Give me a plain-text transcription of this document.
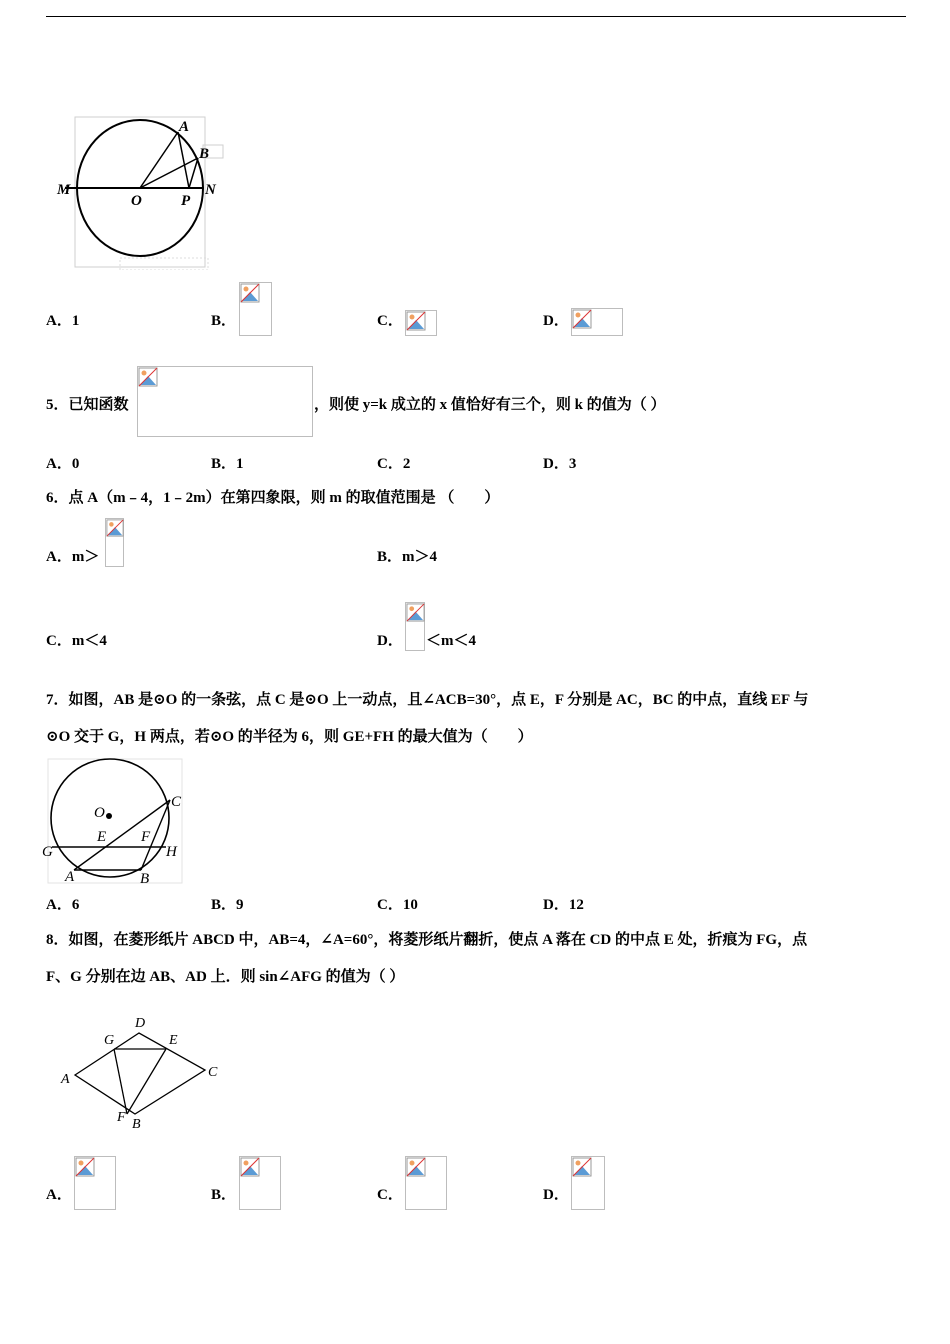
A
B
M
O	P
N
A．1	B．	C．	D．
5．已知函数	，则使 y=k 成立的 x 值恰好有三个，则 k 的值为（ ）
A．0	B．1	C．2	D．3
6．点 A（m﹣4，1﹣2m）在第四象限，则 m 的取值范围是 （　　）
A．m＞	B．m＞4
C．m＜4	D． ＜m＜4
7．如图，AB 是⊙O 的一条弦，点 C 是⊙O 上一动点，且∠ACB=30°，点 E，F 分别是 AC，BC 的中点，直线 EF 与
⊙O 交于 G，H 两点，若⊙O 的半径为 6，则 GE+FH 的最大值为（　　）
O
C
E F
G	H
A	B
A．6	B．9	C．10	D．12
8．如图，在菱形纸片 ABCD 中，AB=4，∠A=60°，将菱形纸片翻折，使点 A 落在 CD 的中点 E 处，折痕为 FG，点
F、G 分别在边 AB、AD 上．则 sin∠AFG 的值为（ ）
D
G	E
A	C
F B
A．	B．	C．	D．
